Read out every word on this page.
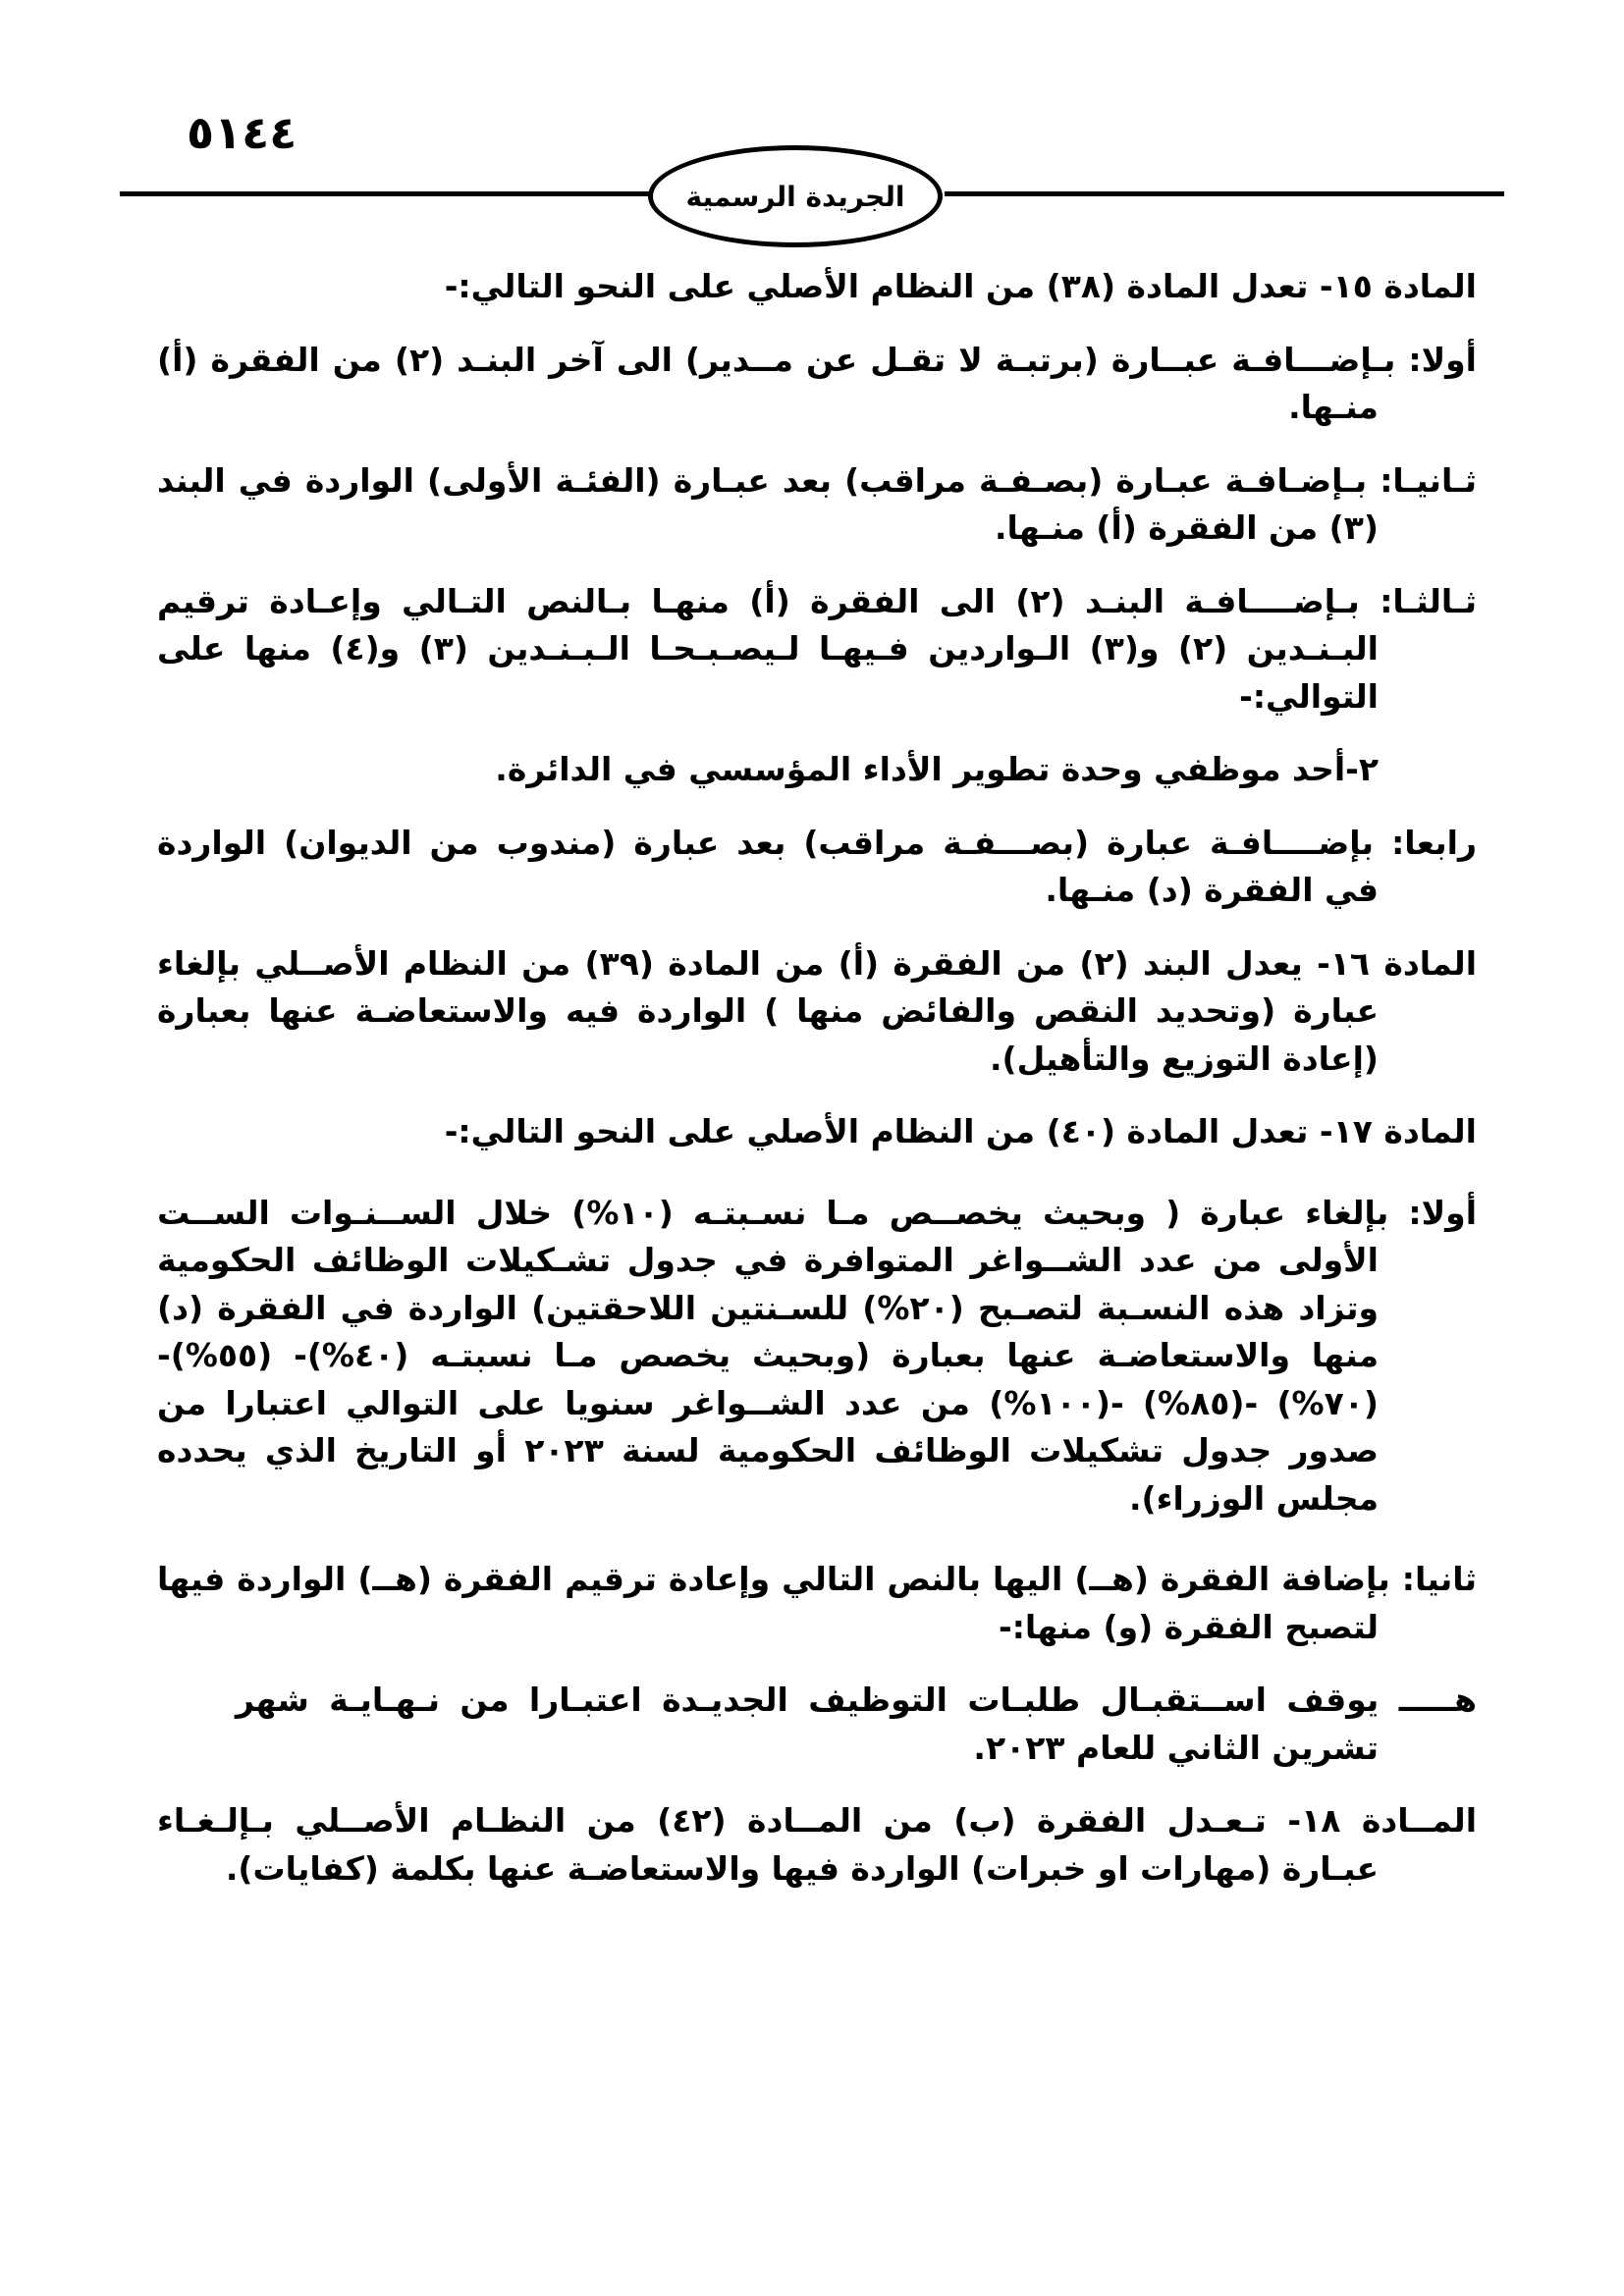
٥١٤٤
الجريدة الرسمية

المادة ١٥- تعدل المادة (٣٨) من النظام الأصلي على النحو التالي:-

أولا: بـإضـــافـة عبــارة (برتبـة لا تقـل عن مــدير) الى آخر البنـد (٢) من الفقرة (أ) منـها.

ثـانيـا: بـإضـافـة عبـارة (بصـفـة مراقب) بعد عبـارة (الفئـة الأولى) الواردة في البند (٣) من الفقرة (أ) منـها.

ثـالثـا: بـإضــــافـة البنـد (٢) الى الفقرة (أ) منهـا بـالنص التـالي وإعـادة ترقيم البـنـدين (٢) و(٣) الـواردين فـيهـا لـيصـبـحـا الـبـنـدين (٣) و(٤) منها على التوالي:-

٢-أحد موظفي وحدة تطوير الأداء المؤسسي في الدائرة.

رابعا: بإضــــافـة عبارة (بصـــفـة مراقب) بعد عبارة (مندوب من الديوان) الواردة في الفقرة (د) منـها.

المادة ١٦- يعدل البند (٢) من الفقرة (أ) من المادة (٣٩) من النظام الأصــلي بإلغاء عبارة (وتحديد النقص والفائض منها ) الواردة فيه والاستعاضـة عنها بعبارة (إعادة التوزيع والتأهيل).

المادة ١٧- تعدل المادة (٤٠) من النظام الأصلي على النحو التالي:-

أولا: بإلغاء عبارة ( وبحيث يخصــص مـا نسـبتـه (١٠%) خلال الســنـوات الســت الأولى من عدد الشــواغر المتوافرة في جدول تشـكيلات الوظائف الحكومية وتزاد هذه النسـبة لتصـبح (٢٠%) للسـنتين اللاحقتين) الواردة في الفقرة (د) منها والاستعاضـة عنها بعبارة (وبحيث يخصص مـا نسبتـه (٤٠%)- (٥٥%)- (٧٠%) -(٨٥%) -(١٠٠%) من عدد الشــواغر سنويا على التوالي اعتبارا من صدور جدول تشكيلات الوظائف الحكومية لسنة ٢٠٢٣ أو التاريخ الذي يحدده مجلس الوزراء).

ثانيا: بإضافة الفقرة (هــ) اليها بالنص التالي وإعادة ترقيم الفقرة (هــ) الواردة فيها لتصبح الفقرة (و) منها:-

هـــــ يوقف اســتقبـال طلبـات التوظيف الجديـدة اعتبـارا من نـهـايـة شهر تشرين الثاني للعام ٢٠٢٣.

المــادة ١٨- تـعـدل الفقرة (ب) من المــادة (٤٢) من النظـام الأصــلي بـإلـغـاء عبـارة (مهارات او خبرات) الواردة فيها والاستعاضـة عنها بكلمة (كفايات).
